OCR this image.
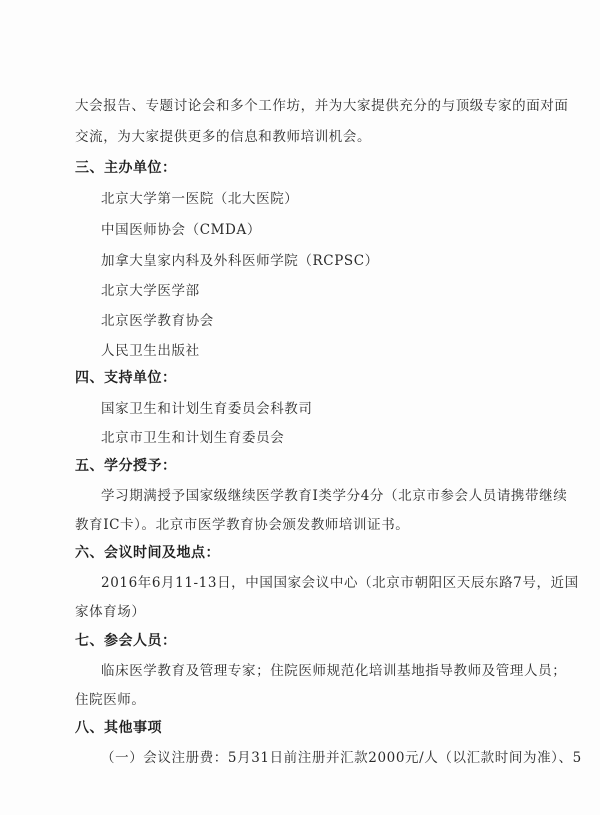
大会报告、专题讨论会和多个工作坊，并为大家提供充分的与顶级专家的面对面
交流，为大家提供更多的信息和教师培训机会。
三、主办单位：
北京大学第一医院（北大医院）
中国医师协会（CMDA）
加拿大皇家内科及外科医师学院（RCPSC）
北京大学医学部
北京医学教育协会
人民卫生出版社
四、支持单位：
国家卫生和计划生育委员会科教司
北京市卫生和计划生育委员会
五、学分授予：
学习期满授予国家级继续医学教育I类学分4分（北京市参会人员请携带继续
教育IC卡）。北京市医学教育协会颁发教师培训证书。
六、会议时间及地点：
2016年6月11-13日，中国国家会议中心（北京市朝阳区天辰东路7号，近国
家体育场）
七、参会人员：
临床医学教育及管理专家；住院医师规范化培训基地指导教师及管理人员；
住院医师。
八、其他事项
（一）会议注册费：5月31日前注册并汇款2000元/人（以汇款时间为准）、5
